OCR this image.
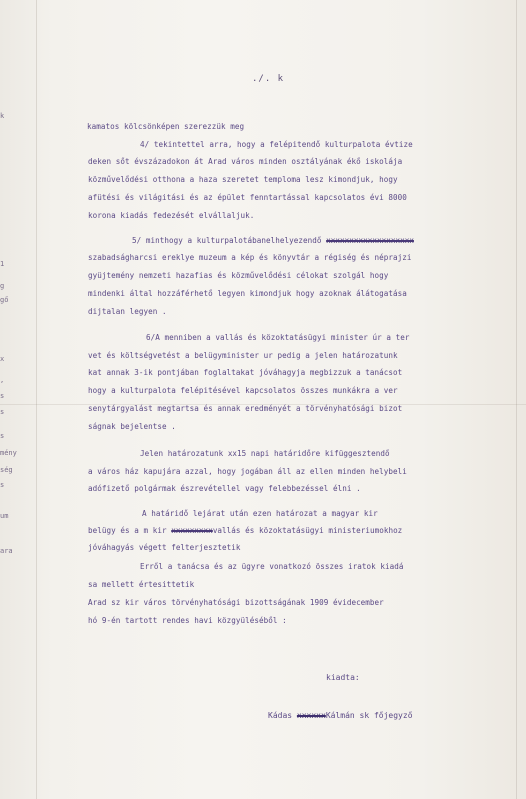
k
1
g
gő
x
,
s
s
s
mény
ség
s
um
ara
./. k
kamatos kölcsönképen szerezzük meg
4/ tekintettel arra, hogy a felépitendő kulturpalota évtize
deken sőt évszázadokon át Arad város minden osztályának ékő iskolája
közművelődési otthona a haza szeretet temploma lesz kimondjuk, hogy
afütési és világitási és az épület fenntartással kapcsolatos évi 8000
korona kiadás fedezését elvállaljuk.
5/ minthogy a kulturpalotábanelhelyezendő xxxxxxxxxxxxxxxxxxx
szabadságharcsi ereklye muzeum a kép és könyvtár a régiség és néprajzi
gyüjtemény nemzeti hazafias és közművelődési célokat szolgál hogy
mindenki által hozzáférhető legyen kimondjuk hogy azoknak álátogatása
dijtalan legyen .
6/A menniben a vallás és közoktatásügyi minister úr a ter
vet és költségvetést a belügyminister ur pedig a jelen határozatunk
kat annak 3-ik pontjában foglaltakat jóváhagyja megbizzuk a tanácsot
hogy a kulturpalota felépitésével kapcsolatos összes munkákra a ver
senytárgyalást megtartsa és annak eredményét a törvényhatósági bizot
ságnak bejelentse .
Jelen határozatunk xx15 napi határidőre kifüggesztendő
a város ház kapujára azzal, hogy jogában áll az ellen minden helybeli
adófizető polgármak észrevétellel vagy felebbezéssel élni .
A határidő lejárat után ezen határozat a magyar kir
belügy és a m kir xxxxxxxxxvallás és közoktatásügyi ministeriumokhoz
jóváhagyás végett felterjesztetik
Erről a tanácsa és az ügyre vonatkozó összes iratok kiadá
sa mellett értesittetik
Arad sz kir város törvényhatósági bizottságának 1909 évidecember
hó 9-én tartott rendes havi közgyüléséből :
kiadta:
Kádas xxxxxxKálmán sk főjegyző
